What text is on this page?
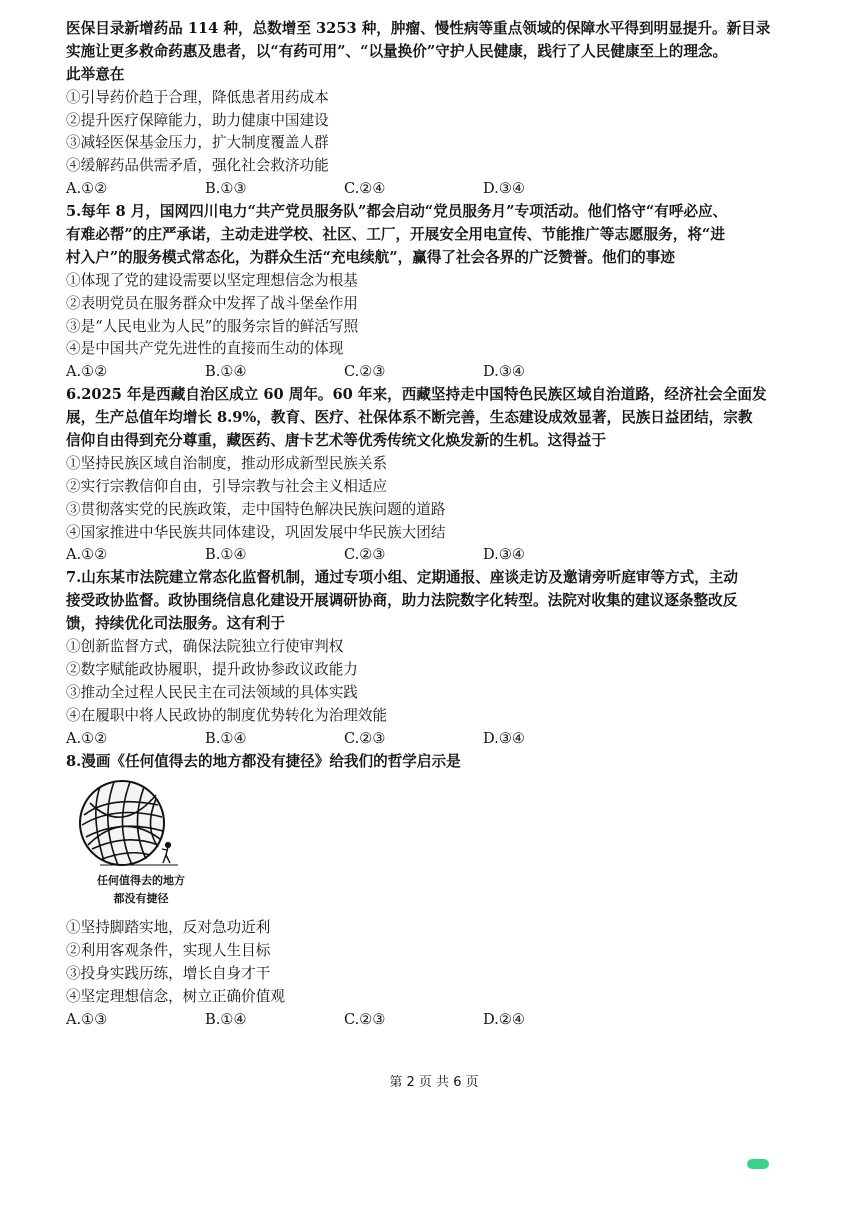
医保目录新增药品 114 种，总数增至 3253 种，肿瘤、慢性病等重点领域的保障水平得到明显提升。新目录
实施让更多救命药惠及患者，以“有药可用”、“以量换价”守护人民健康，践行了人民健康至上的理念。
此举意在
①引导药价趋于合理，降低患者用药成本
②提升医疗保障能力，助力健康中国建设
③减轻医保基金压力，扩大制度覆盖人群
④缓解药品供需矛盾，强化社会救济功能
A.①②	B.①③	C.②④	D.③④
5.每年 8 月，国网四川电力“共产党员服务队”都会启动“党员服务月”专项活动。他们恪守“有呼必应、
有难必帮”的庄严承诺，主动走进学校、社区、工厂，开展安全用电宣传、节能推广等志愿服务，将“进
村入户”的服务模式常态化，为群众生活“充电续航”，赢得了社会各界的广泛赞誉。他们的事迹
①体现了党的建设需要以坚定理想信念为根基
②表明党员在服务群众中发挥了战斗堡垒作用
③是“人民电业为人民”的服务宗旨的鲜活写照
④是中国共产党先进性的直接而生动的体现
A.①②	B.①④	C.②③	D.③④
6.2025 年是西藏自治区成立 60 周年。60 年来，西藏坚持走中国特色民族区域自治道路，经济社会全面发
展，生产总值年均增长 8.9%，教育、医疗、社保体系不断完善，生态建设成效显著，民族日益团结，宗教
信仰自由得到充分尊重，藏医药、唐卡艺术等优秀传统文化焕发新的生机。这得益于
①坚持民族区域自治制度，推动形成新型民族关系
②实行宗教信仰自由，引导宗教与社会主义相适应
③贯彻落实党的民族政策，走中国特色解决民族问题的道路
④国家推进中华民族共同体建设，巩固发展中华民族大团结
A.①②	B.①④	C.②③	D.③④
7.山东某市法院建立常态化监督机制，通过专项小组、定期通报、座谈走访及邀请旁听庭审等方式，主动
接受政协监督。政协围绕信息化建设开展调研协商，助力法院数字化转型。法院对收集的建议逐条整改反
馈，持续优化司法服务。这有利于
①创新监督方式，确保法院独立行使审判权
②数字赋能政协履职，提升政协参政议政能力
③推动全过程人民民主在司法领域的具体实践
④在履职中将人民政协的制度优势转化为治理效能
A.①②	B.①④	C.②③	D.③④
8.漫画《任何值得去的地方都没有捷径》给我们的哲学启示是
任何值得去的地方
都没有捷径
①坚持脚踏实地，反对急功近利
②利用客观条件，实现人生目标
③投身实践历练，增长自身才干
④坚定理想信念，树立正确价值观
A.①③	B.①④	C.②③	D.②④
第 2 页 共 6 页
